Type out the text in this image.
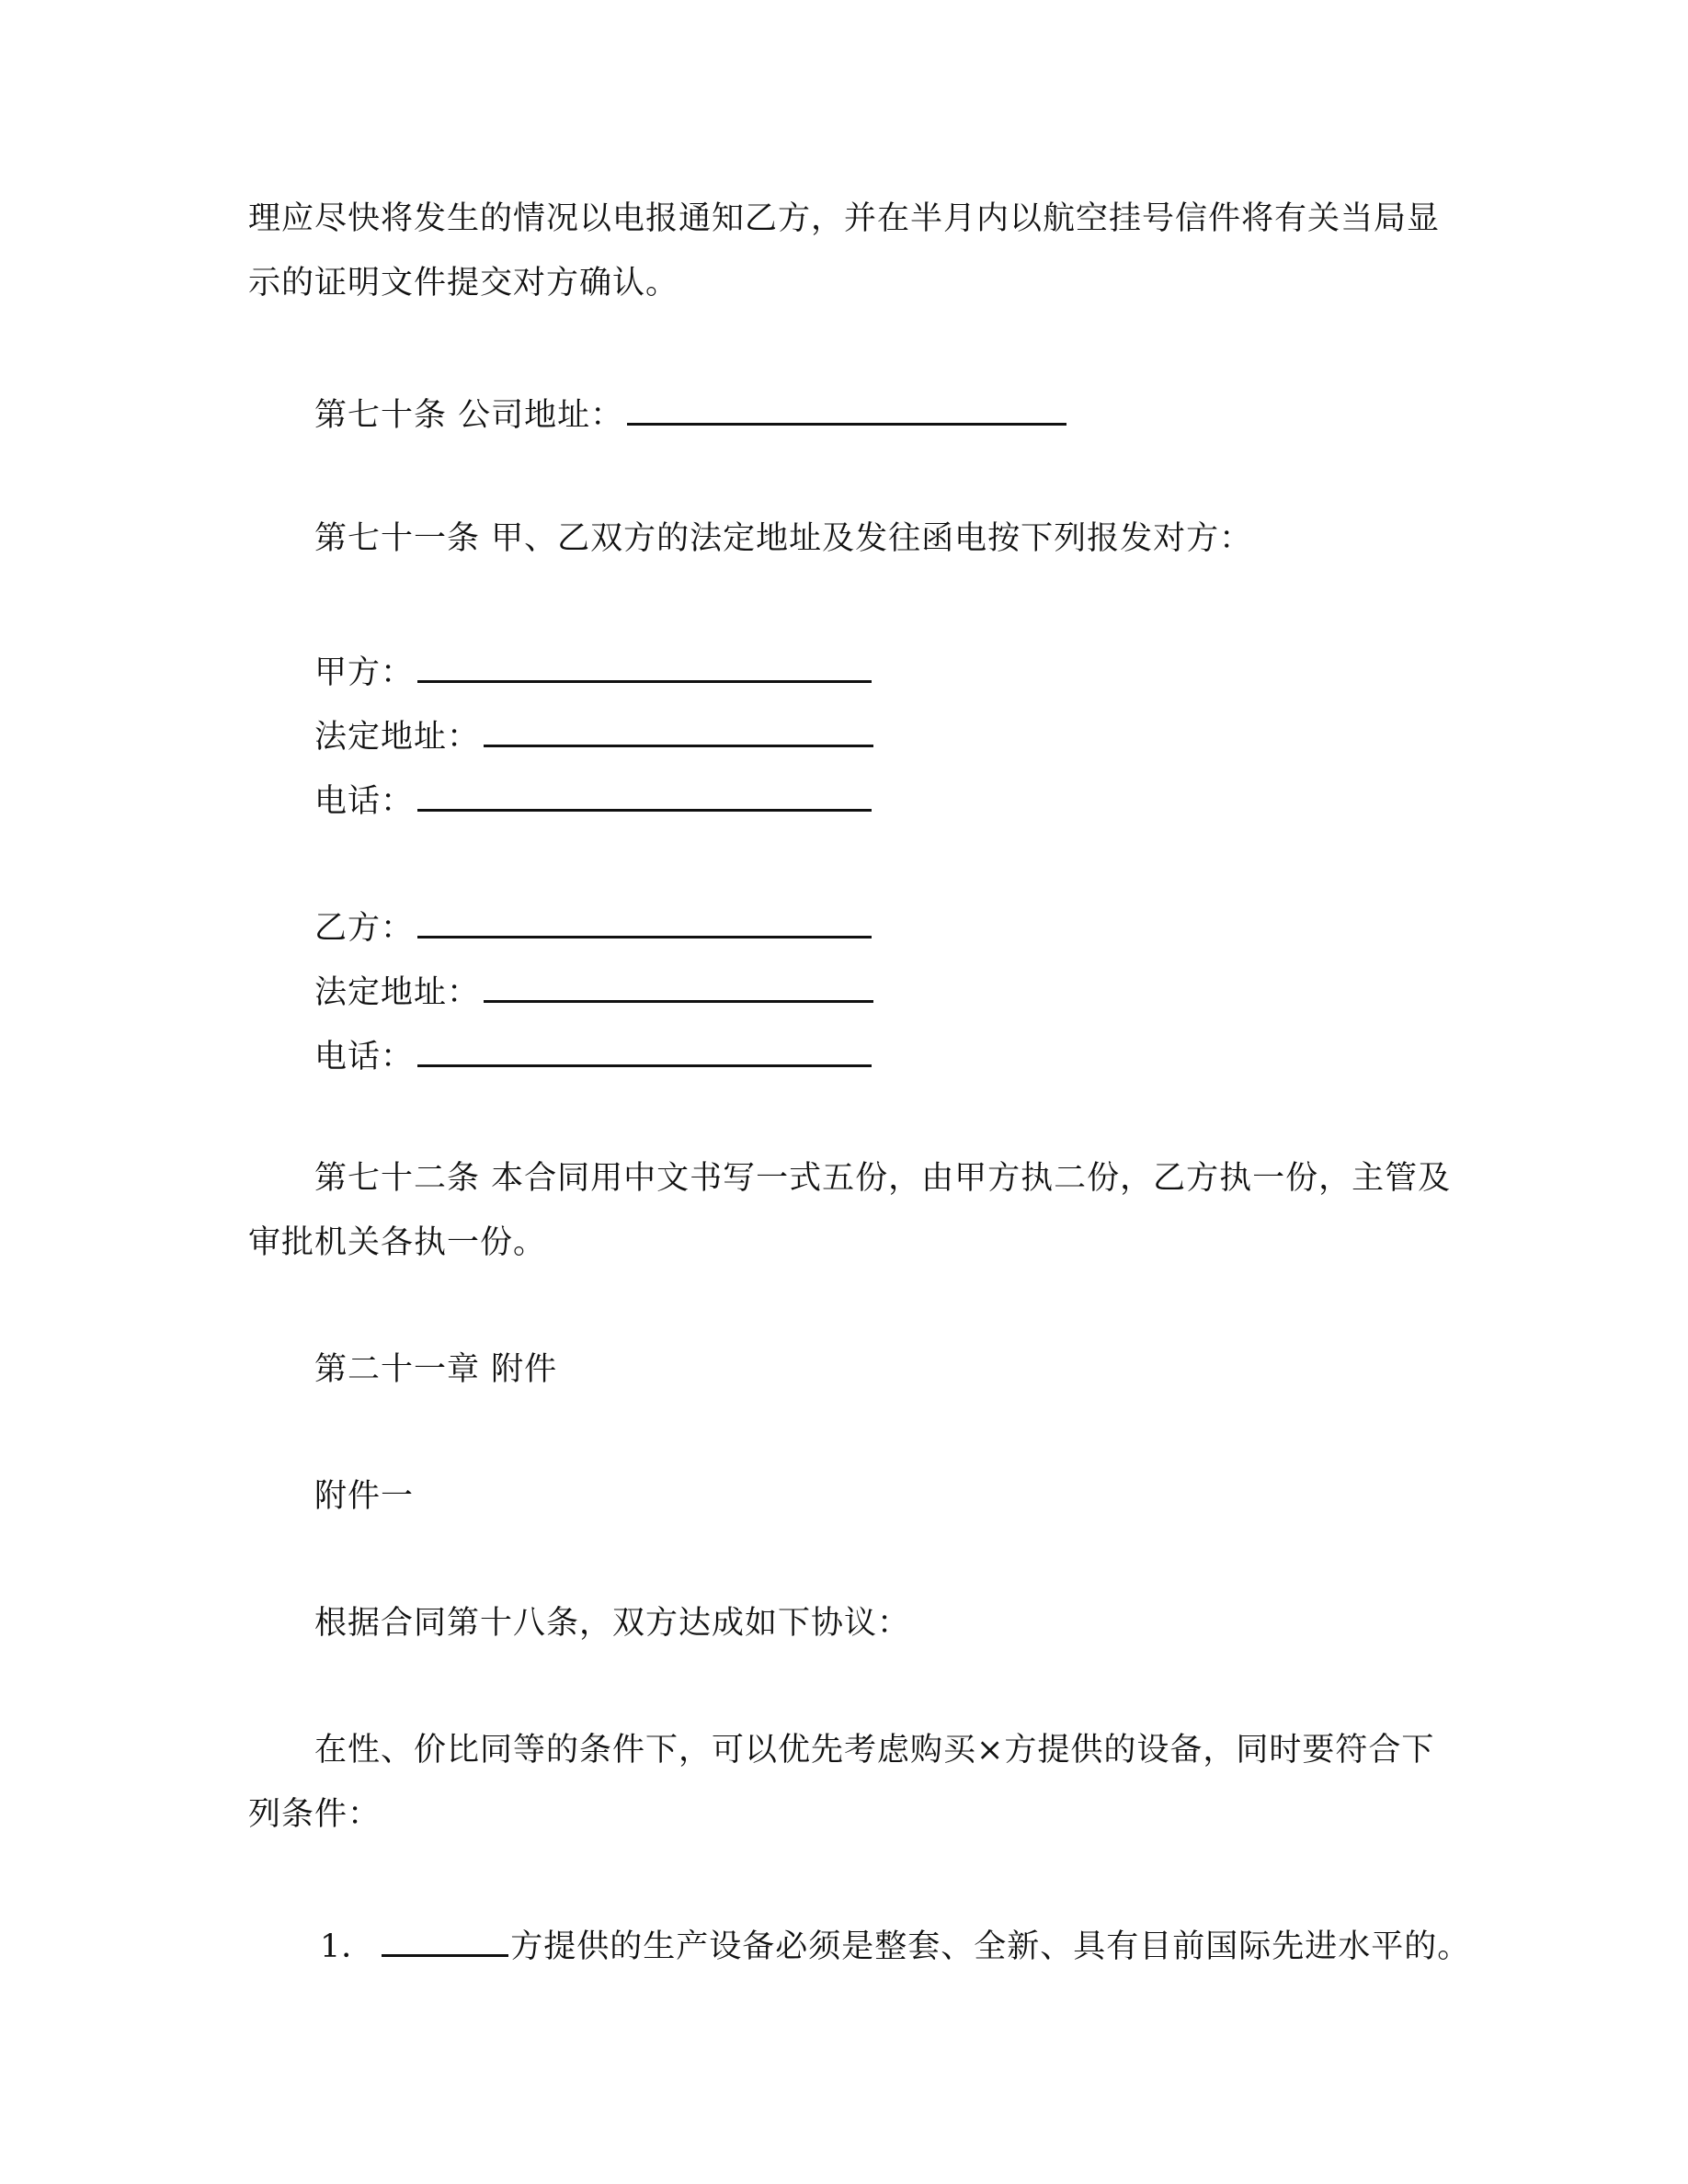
理应尽快将发生的情况以电报通知乙方，并在半月内以航空挂号信件将有关当局显
示的证明文件提交对方确认。
第七十条 公司地址：
第七十一条 甲、乙双方的法定地址及发往函电按下列报发对方：
甲方：
法定地址：
电话：
乙方：
法定地址：
电话：
第七十二条 本合同用中文书写一式五份，由甲方执二份，乙方执一份，主管及
审批机关各执一份。
第二十一章 附件
附件一
根据合同第十八条，双方达成如下协议：
在性、价比同等的条件下，可以优先考虑购买×方提供的设备，同时要符合下
列条件：
1．	方提供的生产设备必须是整套、全新、具有目前国际先进水平的。
